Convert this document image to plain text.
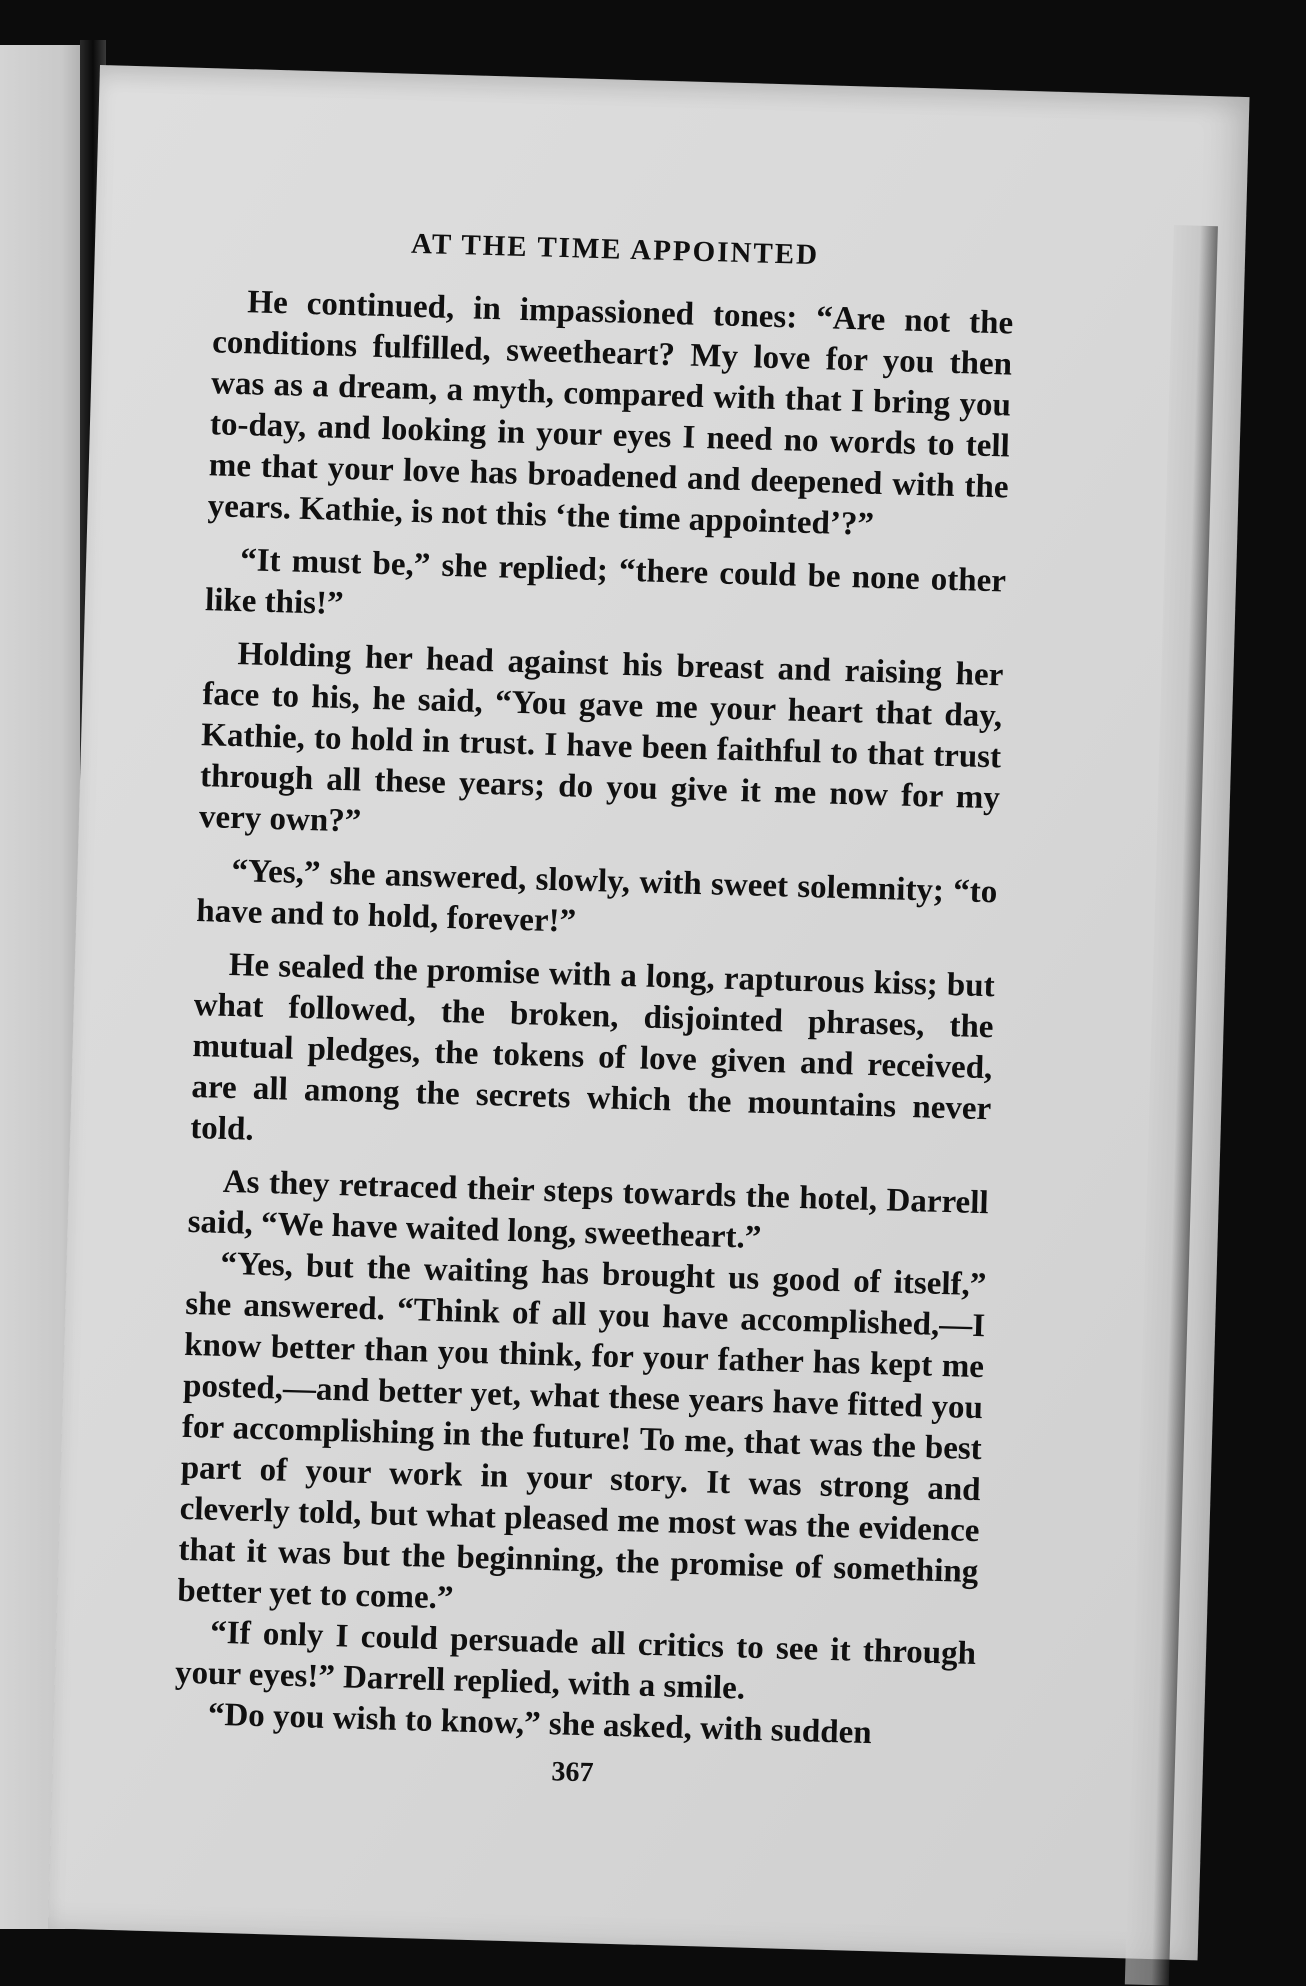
AT THE TIME APPOINTED

He continued, in impassioned tones: “Are not the conditions fulfilled, sweetheart? My love for you then was as a dream, a myth, compared with that I bring you to-day, and looking in your eyes I need no words to tell me that your love has broadened and deepened with the years. Kathie, is not this ‘the time appointed’?”

“It must be,” she replied; “there could be none other like this!”

Holding her head against his breast and raising her face to his, he said, “You gave me your heart that day, Kathie, to hold in trust. I have been faithful to that trust through all these years; do you give it me now for my very own?”

“Yes,” she answered, slowly, with sweet solemnity; “to have and to hold, forever!”

He sealed the promise with a long, rapturous kiss; but what followed, the broken, disjointed phrases, the mutual pledges, the tokens of love given and received, are all among the secrets which the mountains never told.

As they retraced their steps towards the hotel, Darrell said, “We have waited long, sweetheart.”

“Yes, but the waiting has brought us good of itself,” she answered. “Think of all you have accomplished,—I know better than you think, for your father has kept me posted,—and better yet, what these years have fitted you for accomplishing in the future! To me, that was the best part of your work in your story. It was strong and cleverly told, but what pleased me most was the evidence that it was but the beginning, the promise of something better yet to come.”

“If only I could persuade all critics to see it through your eyes!” Darrell replied, with a smile.

“Do you wish to know,” she asked, with sudden

367
